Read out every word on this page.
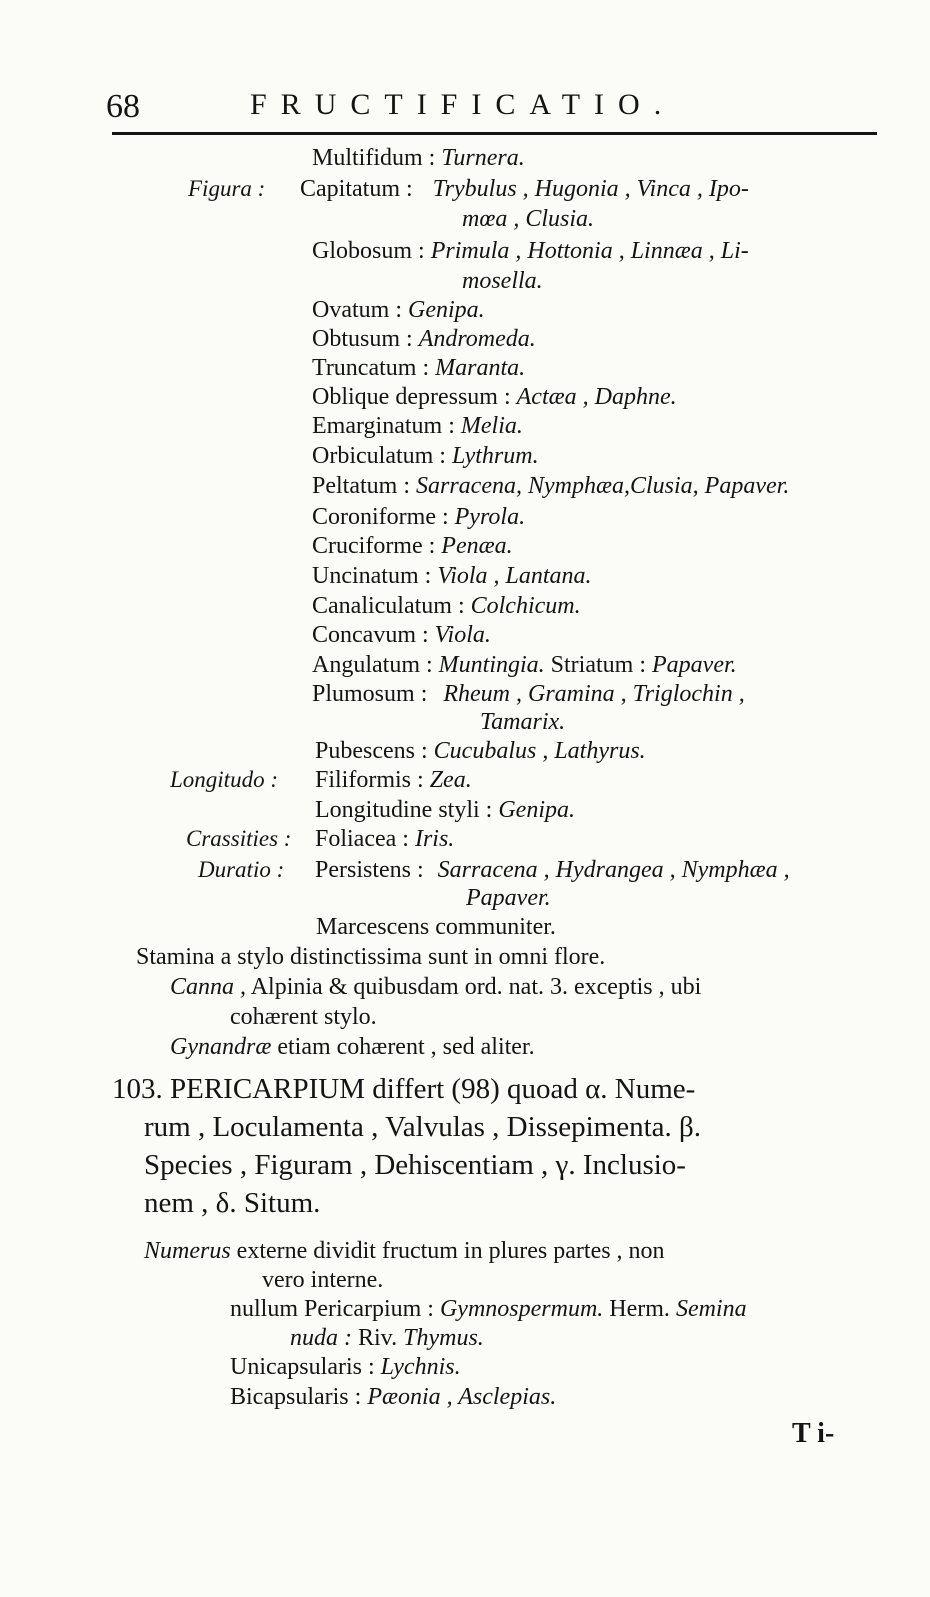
68	FRUCTIFICATIO.
Figura :
Longitudo :
Crassities :
Duratio :
Multifidum : Turnera.
Capitatum : Trybulus , Hugonia , Vinca , Ipo-
mœa , Clusia.
Globosum : Primula , Hottonia , Linnæa , Li-
mosella.
Ovatum : Genipa.
Obtusum : Andromeda.
Truncatum : Maranta.
Oblique depressum : Actæa , Daphne.
Emarginatum : Melia.
Orbiculatum : Lythrum.
Peltatum : Sarracena, Nymphæa,Clusia, Papaver.
Coroniforme : Pyrola.
Cruciforme : Penæa.
Uncinatum : Viola , Lantana.
Canaliculatum : Colchicum.
Concavum : Viola.
Angulatum : Muntingia. Striatum : Papaver.
Plumosum : Rheum , Gramina , Triglochin ,
Tamarix.
Pubescens : Cucubalus , Lathyrus.
Filiformis : Zea.
Longitudine styli : Genipa.
Foliacea : Iris.
Persistens : Sarracena , Hydrangea , Nymphæa ,
Papaver.
Marcescens communiter.
Stamina a stylo distinctissima sunt in omni flore.
Canna , Alpinia & quibusdam ord. nat. 3. exceptis , ubi
cohærent stylo.
Gynandræ etiam cohærent , sed aliter.
103. PERICARPIUM differt (98) quoad α. Nume-
rum , Loculamenta , Valvulas , Dissepimenta. β.
Species , Figuram , Dehiscentiam , γ. Inclusio-
nem , δ. Situm.
Numerus externe dividit fructum in plures partes , non
vero interne.
nullum Pericarpium : Gymnospermum. Herm. Semina
nuda : Riv. Thymus.
Unicapsularis : Lychnis.
Bicapsularis : Pæonia , Asclepias.
T i-
